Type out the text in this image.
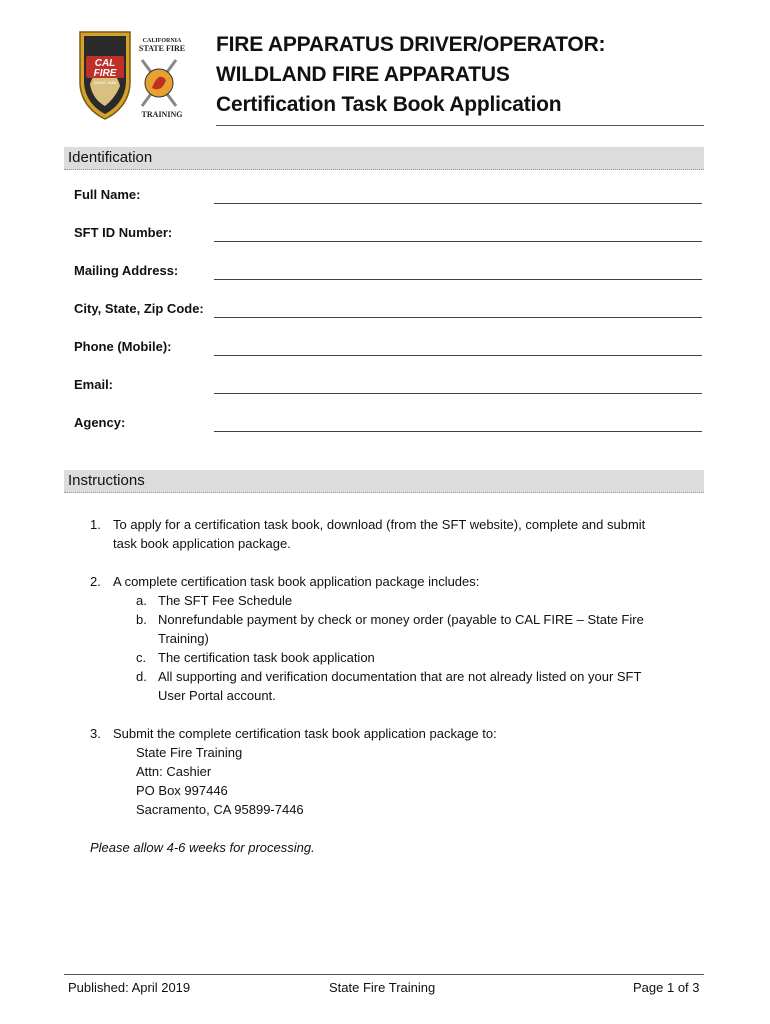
CAL
FIRE
SINCE 1885
CALIFORNIA
STATE FIRE
TRAINING
FIRE APPARATUS DRIVER/OPERATOR:
WILDLAND FIRE APPARATUS
Certification Task Book Application
Identification
Full Name:
SFT ID Number:
Mailing Address:
City, State, Zip Code:
Phone (Mobile):
Email:
Agency:
Instructions
1. To apply for a certification task book, download (from the SFT website), complete and submit
task book application package.
2. A complete certification task book application package includes:
a. The SFT Fee Schedule
b. Nonrefundable payment by check or money order (payable to CAL FIRE – State Fire
Training)
c. The certification task book application
d. All supporting and verification documentation that are not already listed on your SFT
User Portal account.
3. Submit the complete certification task book application package to:
State Fire Training
Attn: Cashier
PO Box 997446
Sacramento, CA 95899-7446
Please allow 4-6 weeks for processing.
Published: April 2019	State Fire Training	Page 1 of 3
